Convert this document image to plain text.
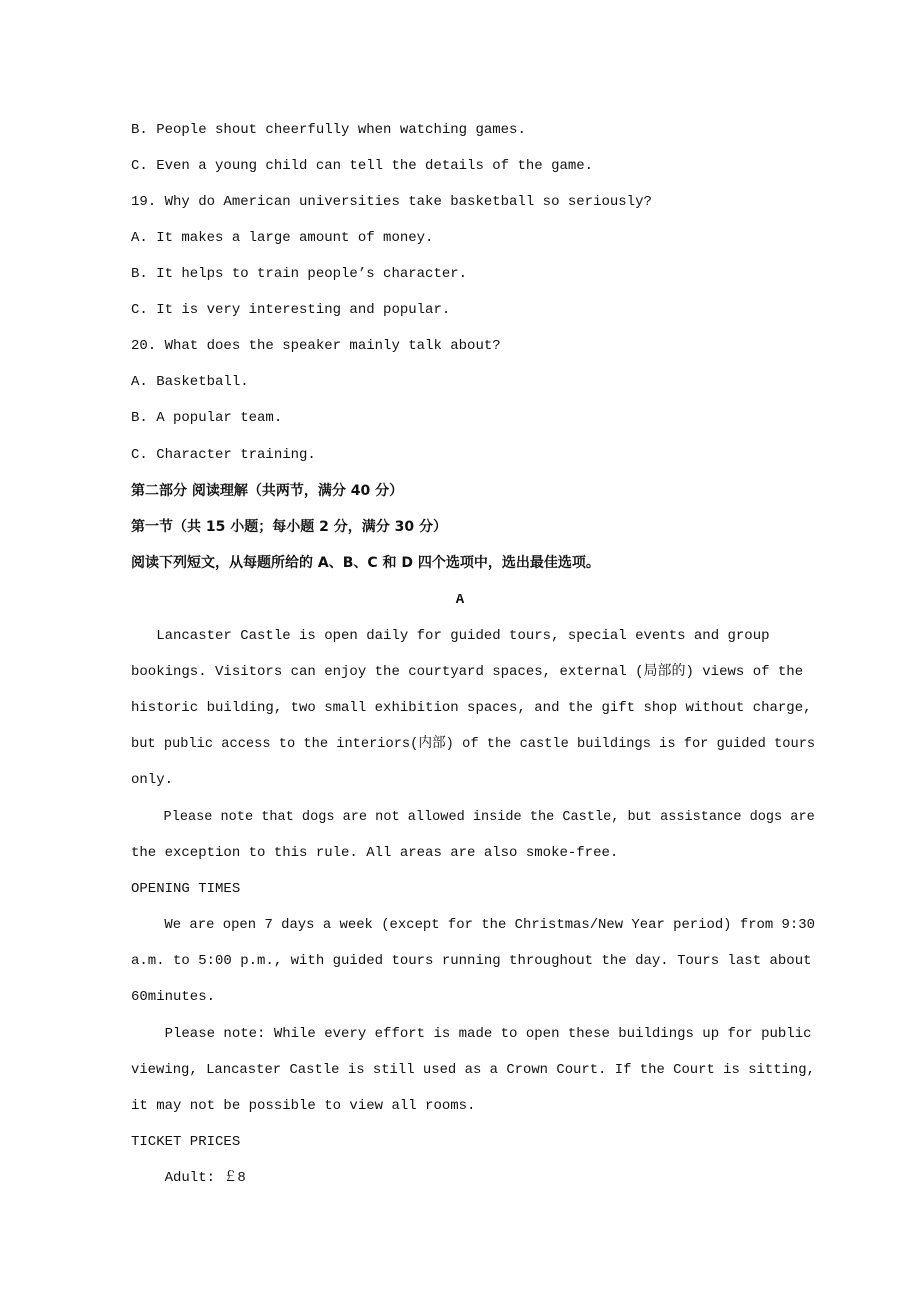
B. People shout cheerfully when watching games.
C. Even a young child can tell the details of the game.
19. Why do American universities take basketball so seriously?
A. It makes a large amount of money.
B. It helps to train people’s character.
C. It is very interesting and popular.
20. What does the speaker mainly talk about?
A. Basketball.
B. A popular team.
C. Character training.
第二部分 阅读理解（共两节，满分 40 分）
第一节（共 15 小题；每小题 2 分，满分 30 分）
阅读下列短文，从每题所给的 A、B、C 和 D 四个选项中，选出最佳选项。
A
Lancaster Castle is open daily for guided tours, special events and group
bookings. Visitors can enjoy the courtyard spaces, external (局部的) views of the
historic building, two small exhibition spaces, and the gift shop without charge,
but public access to the interiors(内部) of the castle buildings is for guided tours
only.
Please note that dogs are not allowed inside the Castle, but assistance dogs are
the exception to this rule. All areas are also smoke-free.
OPENING TIMES
We are open 7 days a week (except for the Christmas/New Year period) from 9:30
a.m. to 5:00 p.m., with guided tours running throughout the day. Tours last about
60minutes.
Please note: While every effort is made to open these buildings up for public
viewing, Lancaster Castle is still used as a Crown Court. If the Court is sitting,
it may not be possible to view all rooms.
TICKET PRICES
Adult: ￡8
